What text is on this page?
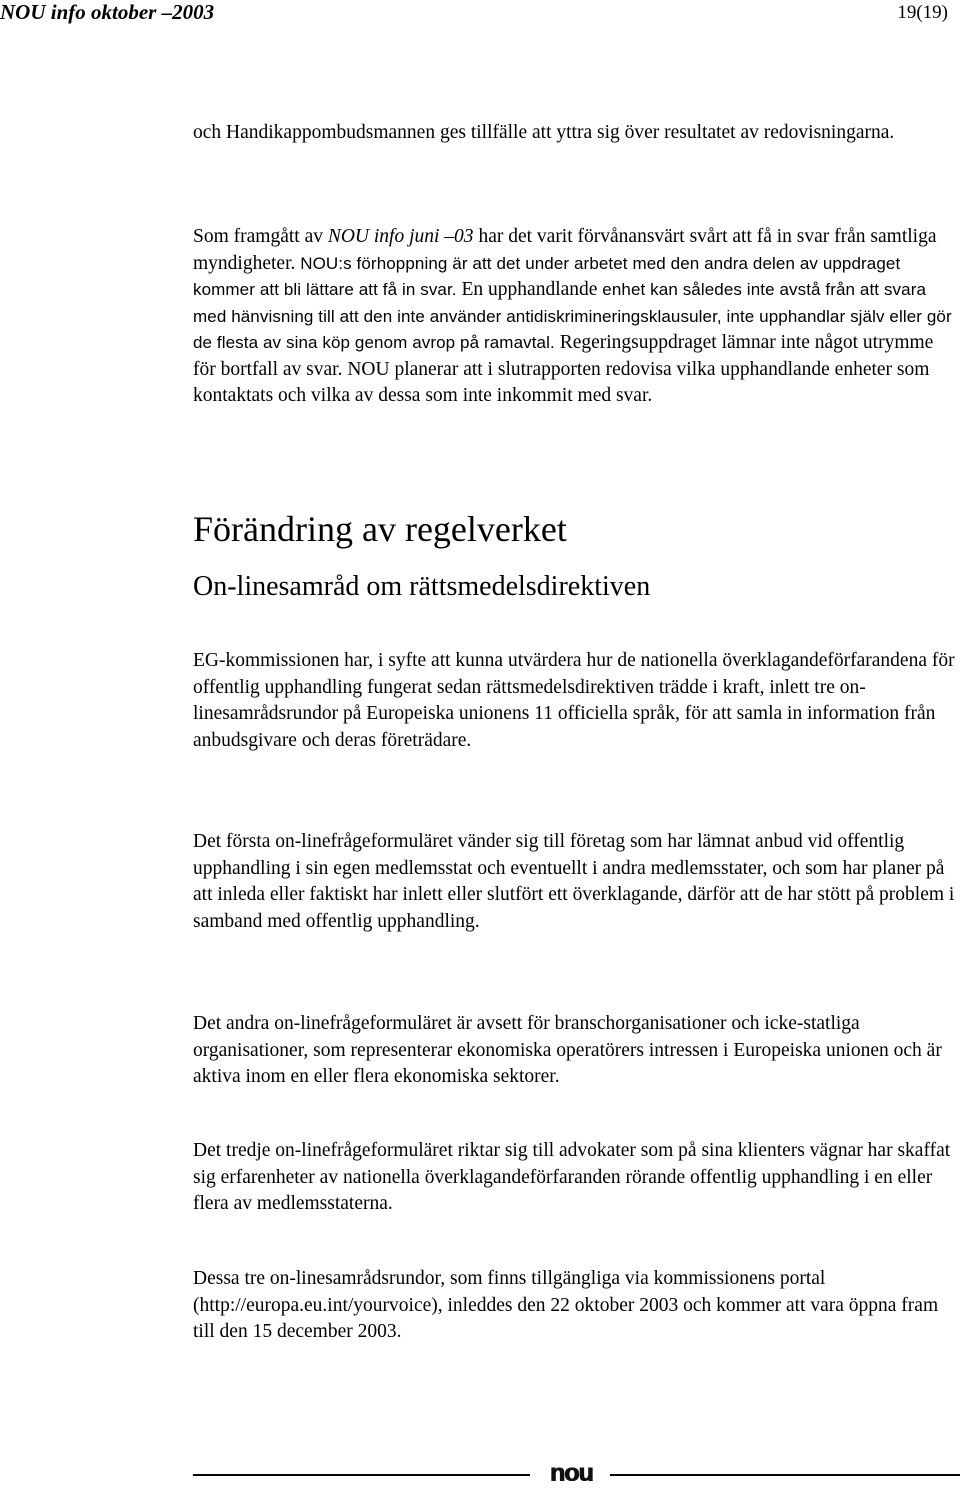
NOU info oktober –2003	19(19)

och Handikappombudsmannen ges tillfälle att yttra sig över resultatet av redovisningarna.

Som framgått av NOU info juni –03 har det varit förvånansvärt svårt att få in svar från samtliga myndigheter. NOU:s förhoppning är att det under arbetet med den andra delen av uppdraget kommer att bli lättare att få in svar. En upphandlande enhet kan således inte avstå från att svara med hänvisning till att den inte använder antidiskrimineringsklausuler, inte upphandlar själv eller gör de flesta av sina köp genom avrop på ramavtal. Regeringsuppdraget lämnar inte något utrymme för bortfall av svar. NOU planerar att i slutrapporten redovisa vilka upphandlande enheter som kontaktats och vilka av dessa som inte inkommit med svar.

Förändring av regelverket
On-linesamråd om rättsmedelsdirektiven

EG-kommissionen har, i syfte att kunna utvärdera hur de nationella överklagandeförfarandena för offentlig upphandling fungerat sedan rättsmedelsdirektiven trädde i kraft, inlett tre on- linesamrådsrundor på Europeiska unionens 11 officiella språk, för att samla in information från anbudsgivare och deras företrädare.

Det första on-linefrågeformuläret vänder sig till företag som har lämnat anbud vid offentlig upphandling i sin egen medlemsstat och eventuellt i andra medlemsstater, och som har planer på att inleda eller faktiskt har inlett eller slutfört ett överklagande, därför att de har stött på problem i samband med offentlig upphandling.

Det andra on-linefrågeformuläret är avsett för branschorganisationer och icke-statliga organisationer, som representerar ekonomiska operatörers intressen i Europeiska unionen och är aktiva inom en eller flera ekonomiska sektorer.

Det tredje on-linefrågeformuläret riktar sig till advokater som på sina klienters vägnar har skaffat sig erfarenheter av nationella överklagandeförfaranden rörande offentlig upphandling i en eller flera av medlemsstaterna.

Dessa tre on-linesamrådsrundor, som finns tillgängliga via kommissionens portal (http://europa.eu.int/yourvoice), inleddes den 22 oktober 2003 och kommer att vara öppna fram till den 15 december 2003.

nou
